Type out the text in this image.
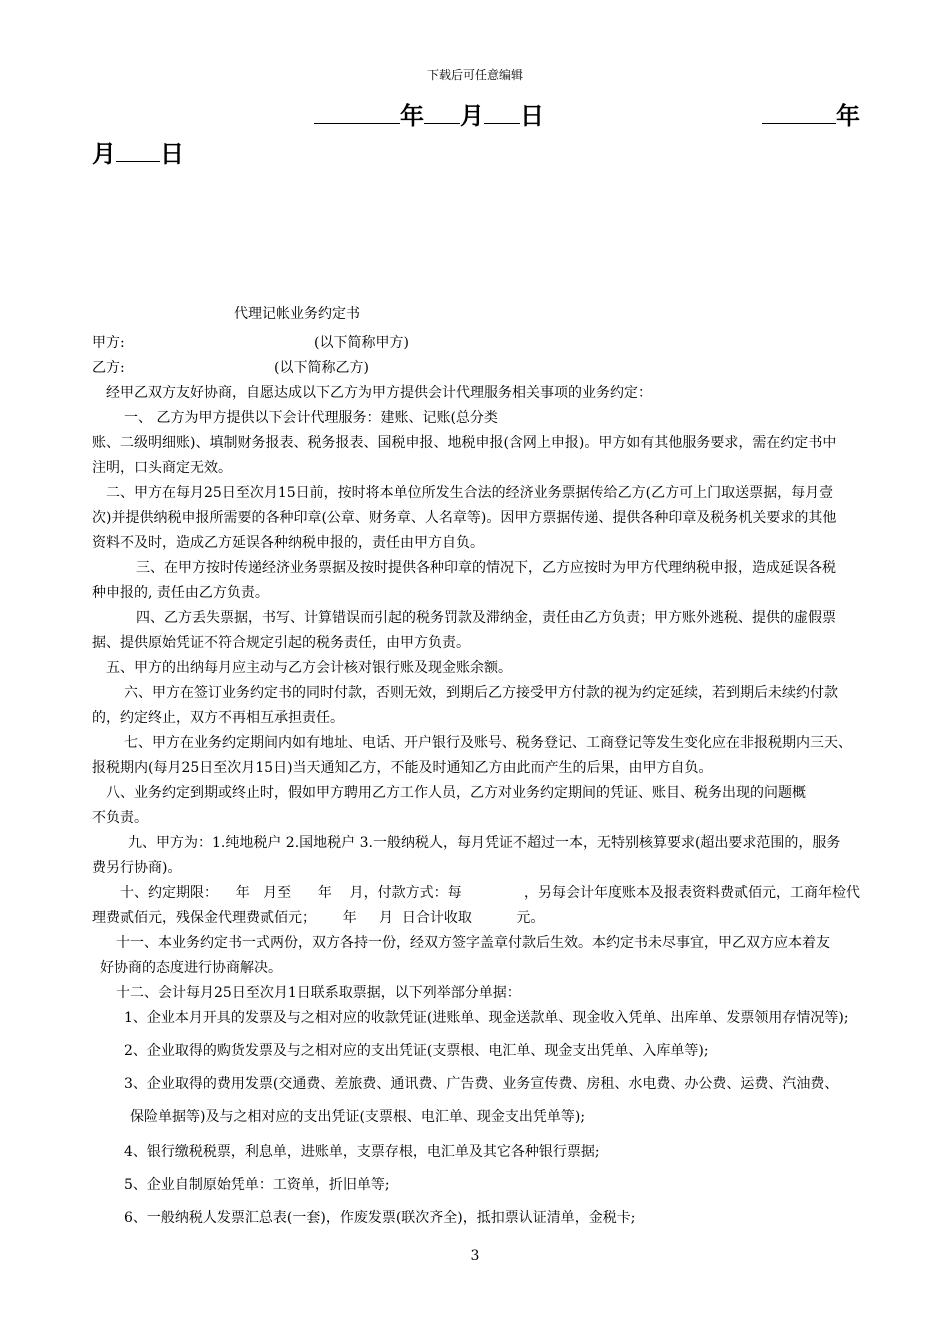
下载后可任意编辑
年 月 日	年
月 日
代理记帐业务约定书
甲方:	(以下简称甲方)
乙方:	(以下简称乙方)
经甲乙双方友好协商，自愿达成以下乙方为甲方提供会计代理服务相关事项的业务约定：
一、 乙方为甲方提供以下会计代理服务：建账、记账(总分类
账、二级明细账)、填制财务报表、税务报表、国税申报、地税申报(含网上申报)。甲方如有其他服务要求，需在约定书中
注明，口头商定无效。
二、甲方在每月25日至次月15日前，按时将本单位所发生合法的经济业务票据传给乙方(乙方可上门取送票据，每月壹
次)并提供纳税申报所需要的各种印章(公章、财务章、人名章等)。因甲方票据传递、提供各种印章及税务机关要求的其他
资料不及时，造成乙方延误各种纳税申报的，责任由甲方自负。
三、在甲方按时传递经济业务票据及按时提供各种印章的情况下，乙方应按时为甲方代理纳税申报，造成延误各税
种申报的, 责任由乙方负责。
四、乙方丢失票据，书写、计算错误而引起的税务罚款及滞纳金，责任由乙方负责；甲方账外逃税、提供的虚假票
据、提供原始凭证不符合规定引起的税务责任，由甲方负责。
五、甲方的出纳每月应主动与乙方会计核对银行账及现金账余额。
六、甲方在签订业务约定书的同时付款，否则无效，到期后乙方接受甲方付款的视为约定延续，若到期后未续约付款
的，约定终止，双方不再相互承担责任。
七、甲方在业务约定期间内如有地址、电话、开户银行及账号、税务登记、工商登记等发生变化应在非报税期内三天、
报税期内(每月25日至次月15日)当天通知乙方，不能及时通知乙方由此而产生的后果，由甲方自负。
八、业务约定到期或终止时，假如甲方聘用乙方工作人员，乙方对业务约定期间的凭证、账目、税务出现的问题概
不负责。
九、甲方为：1.纯地税户 2.国地税户 3.一般纳税人，每月凭证不超过一本，无特别核算要求(超出要求范围的，服务
费另行协商)。
十、约定期限：    年   月至      年    月，付款方式：每              ，另每会计年度账本及报表资料费贰佰元，工商年检代
理费贰佰元，残保金代理费贰佰元；      年     月  日合计收取          元。
十一、本业务约定书一式两份，双方各持一份，经双方签字盖章付款后生效。本约定书未尽事宜，甲乙双方应本着友
好协商的态度进行协商解决。
十二、会计每月25日至次月1日联系取票据，以下列举部分单据：
1、企业本月开具的发票及与之相对应的收款凭证(进账单、现金送款单、现金收入凭单、出库单、发票领用存情况等);
2、企业取得的购货发票及与之相对应的支出凭证(支票根、电汇单、现金支出凭单、入库单等);
3、企业取得的费用发票(交通费、差旅费、通讯费、广告费、业务宣传费、房租、水电费、办公费、运费、汽油费、
保险单据等)及与之相对应的支出凭证(支票根、电汇单、现金支出凭单等);
4、银行缴税税票，利息单，进账单，支票存根，电汇单及其它各种银行票据;
5、企业自制原始凭单：工资单，折旧单等;
6、一般纳税人发票汇总表(一套)，作废发票(联次齐全)，抵扣票认证清单，金税卡;
3
